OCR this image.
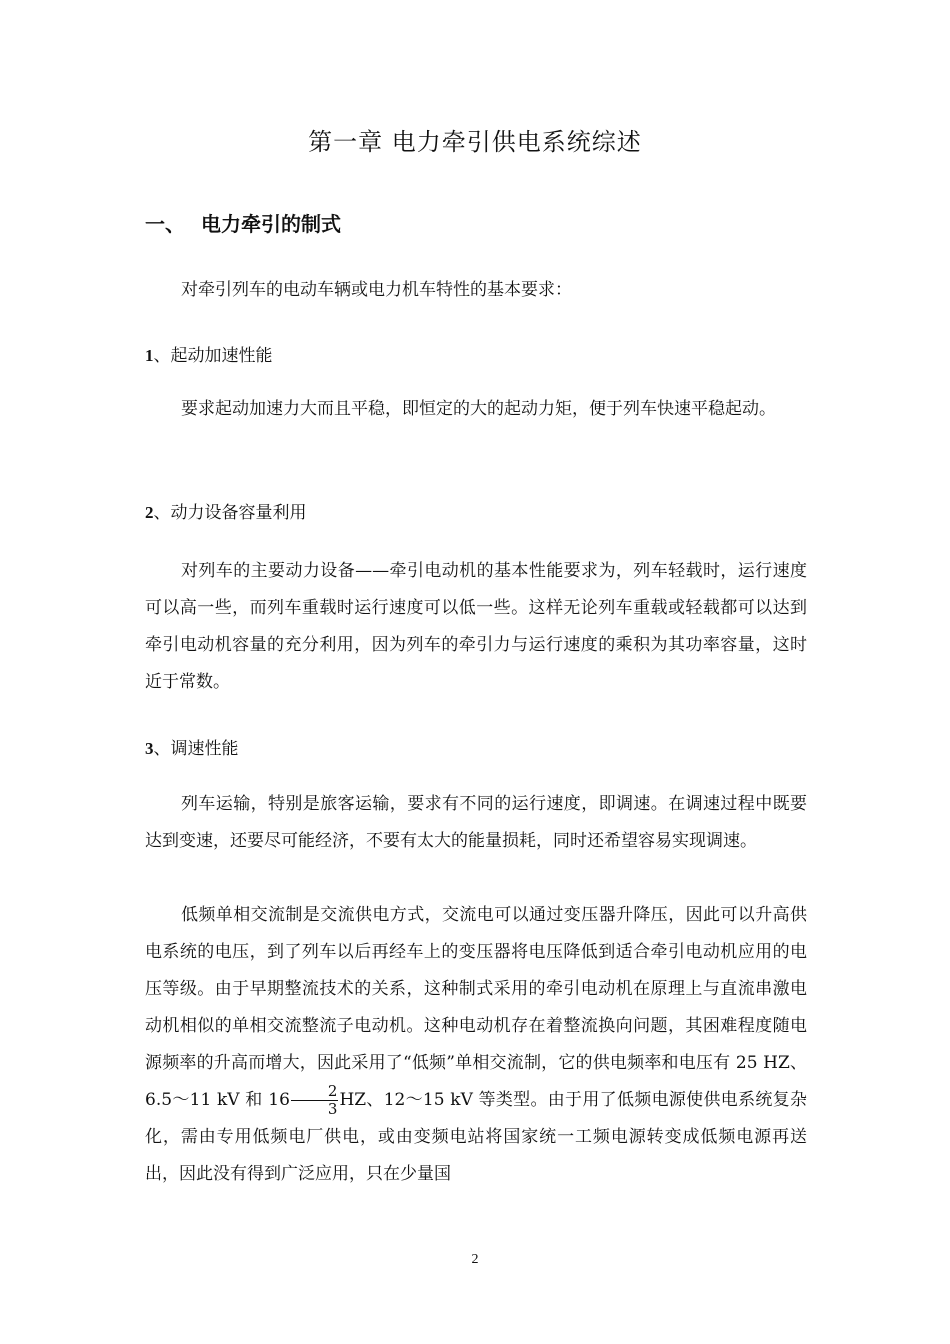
第一章 电力牵引供电系统综述
一、 电力牵引的制式
对牵引列车的电动车辆或电力机车特性的基本要求：
1、起动加速性能
要求起动加速力大而且平稳，即恒定的大的起动力矩，便于列车快速平稳起动。
2、动力设备容量利用
对列车的主要动力设备——牵引电动机的基本性能要求为，列车轻载时，运行速度可以高一些，而列车重载时运行速度可以低一些。这样无论列车重载或轻载都可以达到牵引电动机容量的充分利用，因为列车的牵引力与运行速度的乘积为其功率容量，这时近于常数。
3、调速性能
列车运输，特别是旅客运输，要求有不同的运行速度，即调速。在调速过程中既要达到变速，还要尽可能经济，不要有太大的能量损耗，同时还希望容易实现调速。
低频单相交流制是交流供电方式，交流电可以通过变压器升降压，因此可以升高供电系统的电压，到了列车以后再经车上的变压器将电压降低到适合牵引电动机应用的电压等级。由于早期整流技术的关系，这种制式采用的牵引电动机在原理上与直流串激电动机相似的单相交流整流子电动机。这种电动机存在着整流换向问题，其困难程度随电源频率的升高而增大，因此采用了“低频”单相交流制，它的供电频率和电压有 25 HZ、6.5～11 kV 和 $16 \frac{2}{3}$ HZ、12～15 kV 等类型。由于用了低频电源使供电系统复杂化，需由专用低频电厂供电，或由变频电站将国家统一工频电源转变成低频电源再送出，因此没有得到广泛应用，只在少量国
2
